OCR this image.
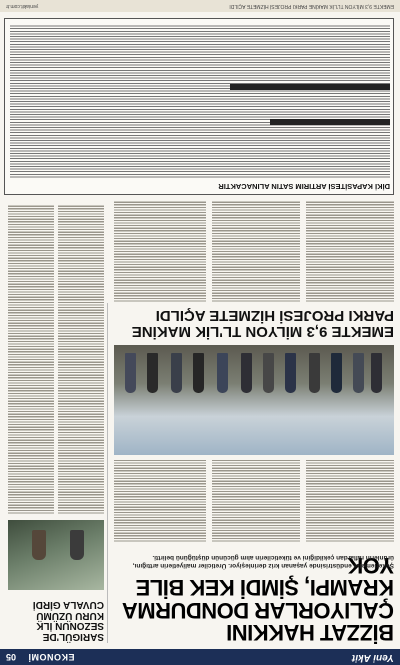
Yeni Akit
EKONOMİ
05
BİZZAT HAKKINI ÇALIYORLAR DONDURMA KRAMPI, ŞİMDİ KEK BİLE YOK
Şekerlemeler endüstrisinde yaşanan kriz derinleşiyor. Üreticiler maliyetlerin arttığını, ürünlerin raflardan çekildiğini ve tüketicilerin alım gücünün düştüğünü belirtti.
EMEKTE 9,3 MİLYON TL'LİK MAKİNE PARKI PROJESİ HİZMETE AÇILDI
SARIGÜL'DE SEZONUN İLK KURU ÜZÜMÜ CUVALA GİRDİ
DİKİ KAPASİTESİ ARTIRIM SATIN ALINACAKTIR
EMEKTE 9,3 MİLYON TL'LİK MAKİNE PARKI PROJESİ HİZMETE AÇILDI
yeniakit.com.tr
